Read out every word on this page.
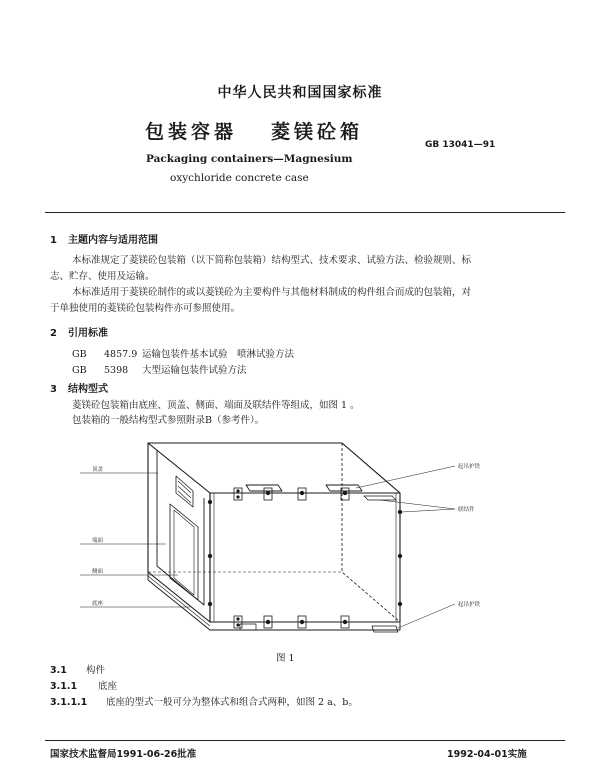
中华人民共和国国家标准
包装容器 菱镁砼箱
GB 13041—91
Packaging containers—Magnesium
oxychloride concrete case
1 主题内容与适用范围
本标准规定了菱镁砼包装箱（以下简称包装箱）结构型式、技术要求、试验方法、检验规则、标
志、贮存、使用及运输。
本标准适用于菱镁砼制作的或以菱镁砼为主要构件与其他材料制成的构件组合而成的包装箱，对
于单独使用的菱镁砼包装构件亦可参照使用。
2 引用标准
GB 4857.9 运输包装件基本试验　喷淋试验方法
GB 5398 大型运输包装件试验方法
3 结构型式
菱镁砼包装箱由底座、顶盖、侧面、端面及联结件等组成，如图 1 。
包装箱的一般结构型式参照附录B（参考件）。
顶盖
端面
侧面
底座
起吊护铁
联结件
起吊护铁
图 1
3.1 构件
3.1.1 底座
3.1.1.1 底座的型式一般可分为整体式和组合式两种，如图 2 a、b。
国家技术监督局1991-06-26批准	1992-04-01实施
